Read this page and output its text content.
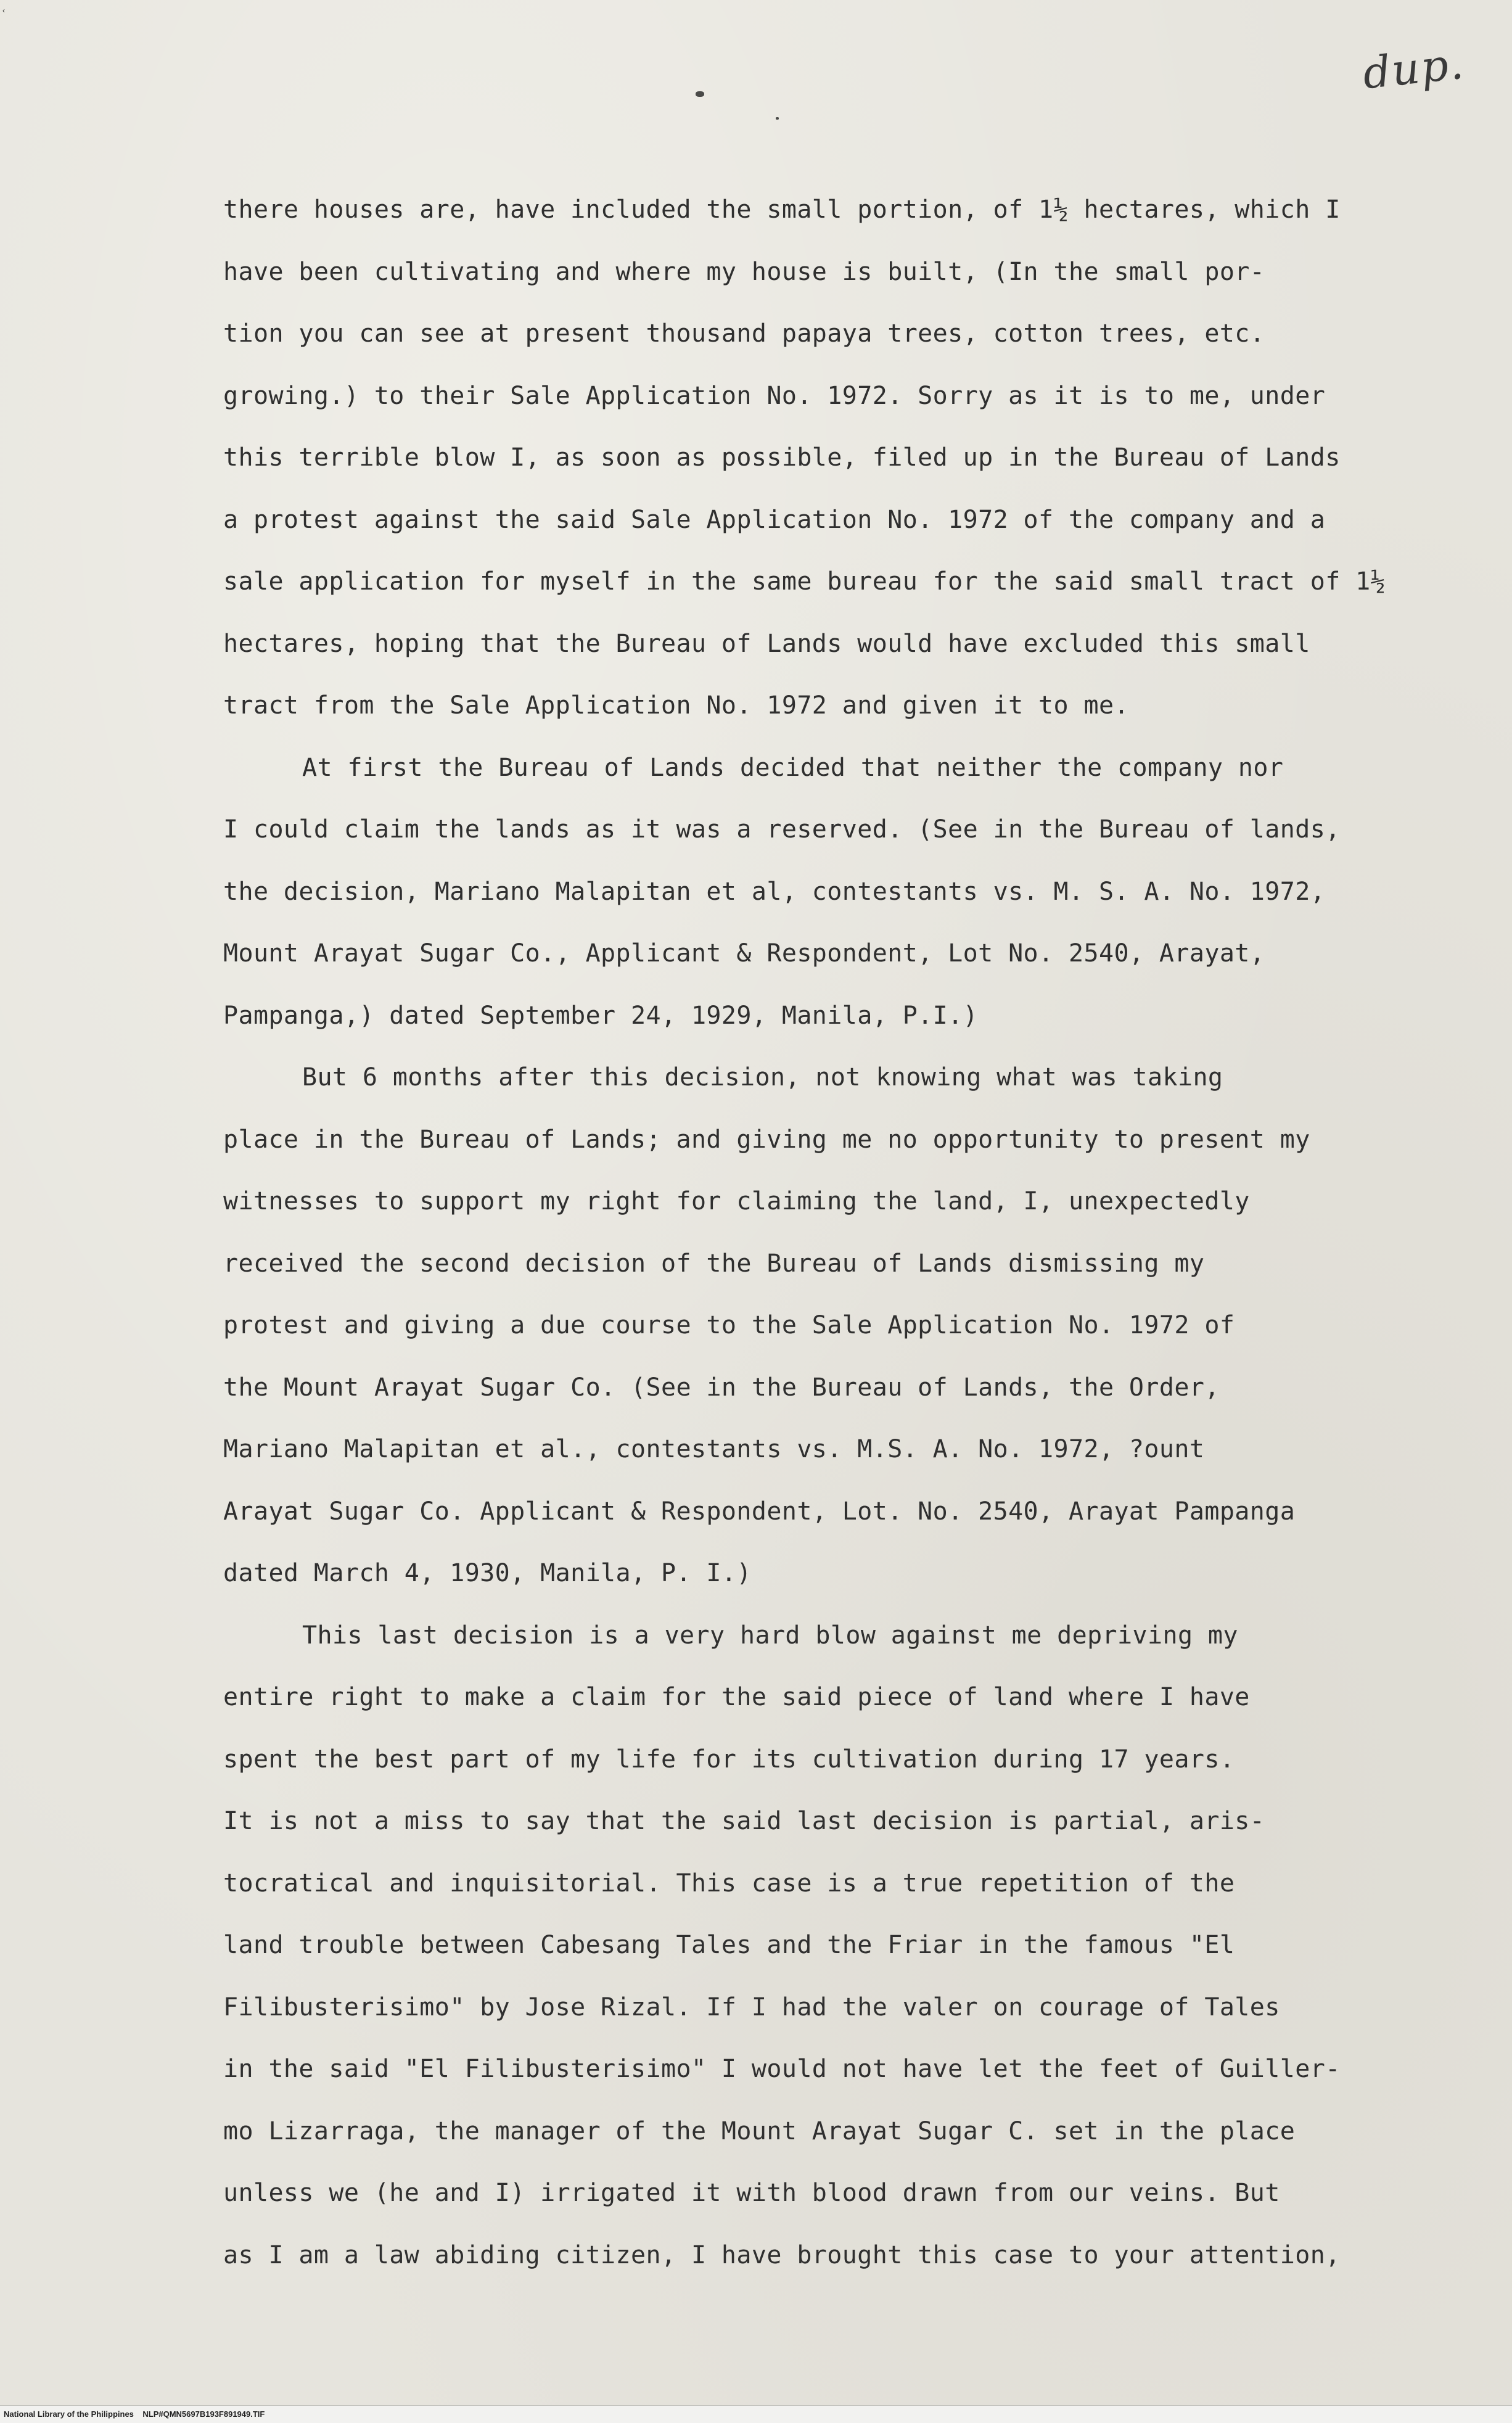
‹
dup.
there houses are, have included the small portion, of 1½ hectares, which I
have been cultivating and where my house is built, (In the small por-
tion you can see at present thousand papaya trees, cotton trees, etc.
growing.) to their Sale Application No. 1972. Sorry as it is to me, under
this terrible blow I, as soon as possible, filed up in the Bureau of Lands
a protest against the said Sale Application No. 1972 of the company and a
sale application for myself in the same bureau for the said small tract of 1½
hectares, hoping that the Bureau of Lands would have excluded this small
tract from the Sale Application No. 1972 and given it to me.
At first the Bureau of Lands decided that neither the company nor
I could claim the lands as it was a reserved. (See in the Bureau of lands,
the decision, Mariano Malapitan et al, contestants vs. M. S. A. No. 1972,
Mount Arayat Sugar Co., Applicant & Respondent, Lot No. 2540, Arayat,
Pampanga,) dated September 24, 1929, Manila, P.I.)
But 6 months after this decision, not knowing what was taking
place in the Bureau of Lands; and giving me no opportunity to present my
witnesses to support my right for claiming the land, I, unexpectedly
received the second decision of the Bureau of Lands dismissing my
protest and giving a due course to the Sale Application No. 1972 of
the Mount Arayat Sugar Co. (See in the Bureau of Lands, the Order,
Mariano Malapitan et al., contestants vs. M.S. A. No. 1972, ?ount
Arayat Sugar Co. Applicant & Respondent, Lot. No. 2540, Arayat Pampanga
dated March 4, 1930, Manila, P. I.)
This last decision is a very hard blow against me depriving my
entire right to make a claim for the said piece of land where I have
spent the best part of my life for its cultivation during 17 years.
It is not a miss to say that the said last decision is partial, aris-
tocratical and inquisitorial. This case is a true repetition of the
land trouble between Cabesang Tales and the Friar in the famous "El
Filibusterisimo" by Jose Rizal. If I had the valer on courage of Tales
in the said "El Filibusterisimo" I would not have let the feet of Guiller-
mo Lizarraga, the manager of the Mount Arayat Sugar C. set in the place
unless we (he and I) irrigated it with blood drawn from our veins. But
as I am a law abiding citizen, I have brought this case to your attention,
National Library of the Philippines    NLP#QMN5697B193F891949.TIF
